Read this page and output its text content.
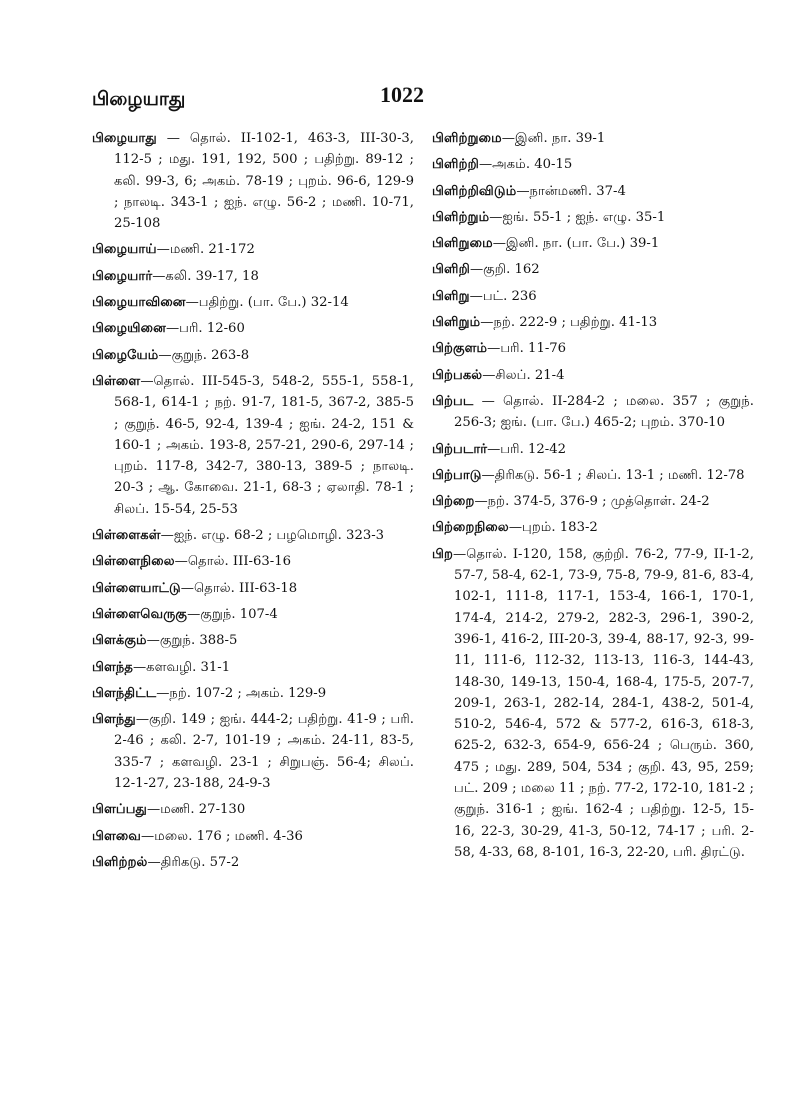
பிழையாது	1022
பிழையாது — தொல். II-102-1, 463-3, III-30-3, 112-5 ; மது. 191, 192, 500 ; பதிற்று. 89-12 ; கலி. 99-3, 6; அகம். 78-19 ; புறம். 96-6, 129-9 ; நாலடி. 343-1 ; ஐந். எழு. 56-2 ; மணி. 10-71, 25-108
பிழையாய்—மணி. 21-172
பிழையார்—கலி. 39-17, 18
பிழையாவினை—பதிற்று. (பா. பே.) 32-14
பிழையினை—பரி. 12-60
பிழையேம்—குறுந். 263-8
பிள்ளை—தொல். III-545-3, 548-2, 555-1, 558-1, 568-1, 614-1 ; நற். 91-7, 181-5, 367-2, 385-5 ; குறுந். 46-5, 92-4, 139-4 ; ஐங். 24-2, 151 & 160-1 ; அகம். 193-8, 257-21, 290-6, 297-14 ; புறம். 117-8, 342-7, 380-13, 389-5 ; நாலடி. 20-3 ; ஆ. கோவை. 21-1, 68-3 ; ஏலாதி. 78-1 ; சிலப். 15-54, 25-53
பிள்ளைகள்—ஐந். எழு. 68-2 ; பழமொழி. 323-3
பிள்ளைநிலை—தொல். III-63-16
பிள்ளையாட்டு—தொல். III-63-18
பிள்ளைவெருகு—குறுந். 107-4
பிளக்கும்—குறுந். 388-5
பிளந்த—களவழி. 31-1
பிளந்திட்ட—நற். 107-2 ; அகம். 129-9
பிளந்து—குறி. 149 ; ஐங். 444-2; பதிற்று. 41-9 ; பரி. 2-46 ; கலி. 2-7, 101-19 ; அகம். 24-11, 83-5, 335-7 ; களவழி. 23-1 ; சிறுபஞ். 56-4; சிலப். 12-1-27, 23-188, 24-9-3
பிளப்பது—மணி. 27-130
பிளவை—மலை. 176 ; மணி. 4-36
பிளிற்றல்—திரிகடு. 57-2
பிளிற்றுமை—இனி. நா. 39-1
பிளிற்றி—அகம். 40-15
பிளிற்றிவிடும்—நான்மணி. 37-4
பிளிற்றும்—ஐங். 55-1 ; ஐந். எழு. 35-1
பிளிறுமை—இனி. நா. (பா. பே.) 39-1
பிளிறி—குறி. 162
பிளிறு—பட். 236
பிளிறும்—நற். 222-9 ; பதிற்று. 41-13
பிற்குளம்—பரி. 11-76
பிற்பகல்—சிலப். 21-4
பிற்பட — தொல். II-284-2 ; மலை. 357 ; குறுந். 256-3; ஐங். (பா. பே.) 465-2; புறம். 370-10
பிற்படார்—பரி. 12-42
பிற்பாடு—திரிகடு. 56-1 ; சிலப். 13-1 ; மணி. 12-78
பிற்றை—நற். 374-5, 376-9 ; முத்தொள். 24-2
பிற்றைநிலை—புறம். 183-2
பிற—தொல். I-120, 158, குற்றி. 76-2, 77-9, II-1-2, 57-7, 58-4, 62-1, 73-9, 75-8, 79-9, 81-6, 83-4, 102-1, 111-8, 117-1, 153-4, 166-1, 170-1, 174-4, 214-2, 279-2, 282-3, 296-1, 390-2, 396-1, 416-2, III-20-3, 39-4, 88-17, 92-3, 99-11, 111-6, 112-32, 113-13, 116-3, 144-43, 148-30, 149-13, 150-4, 168-4, 175-5, 207-7, 209-1, 263-1, 282-14, 284-1, 438-2, 501-4, 510-2, 546-4, 572 & 577-2, 616-3, 618-3, 625-2, 632-3, 654-9, 656-24 ; பெரும். 360, 475 ; மது. 289, 504, 534 ; குறி. 43, 95, 259; பட். 209 ; மலை 11 ; நற். 77-2, 172-10, 181-2 ; குறுந். 316-1 ; ஐங். 162-4 ; பதிற்று. 12-5, 15-16, 22-3, 30-29, 41-3, 50-12, 74-17 ; பரி. 2-58, 4-33, 68, 8-101, 16-3, 22-20, பரி. திரட்டு.
